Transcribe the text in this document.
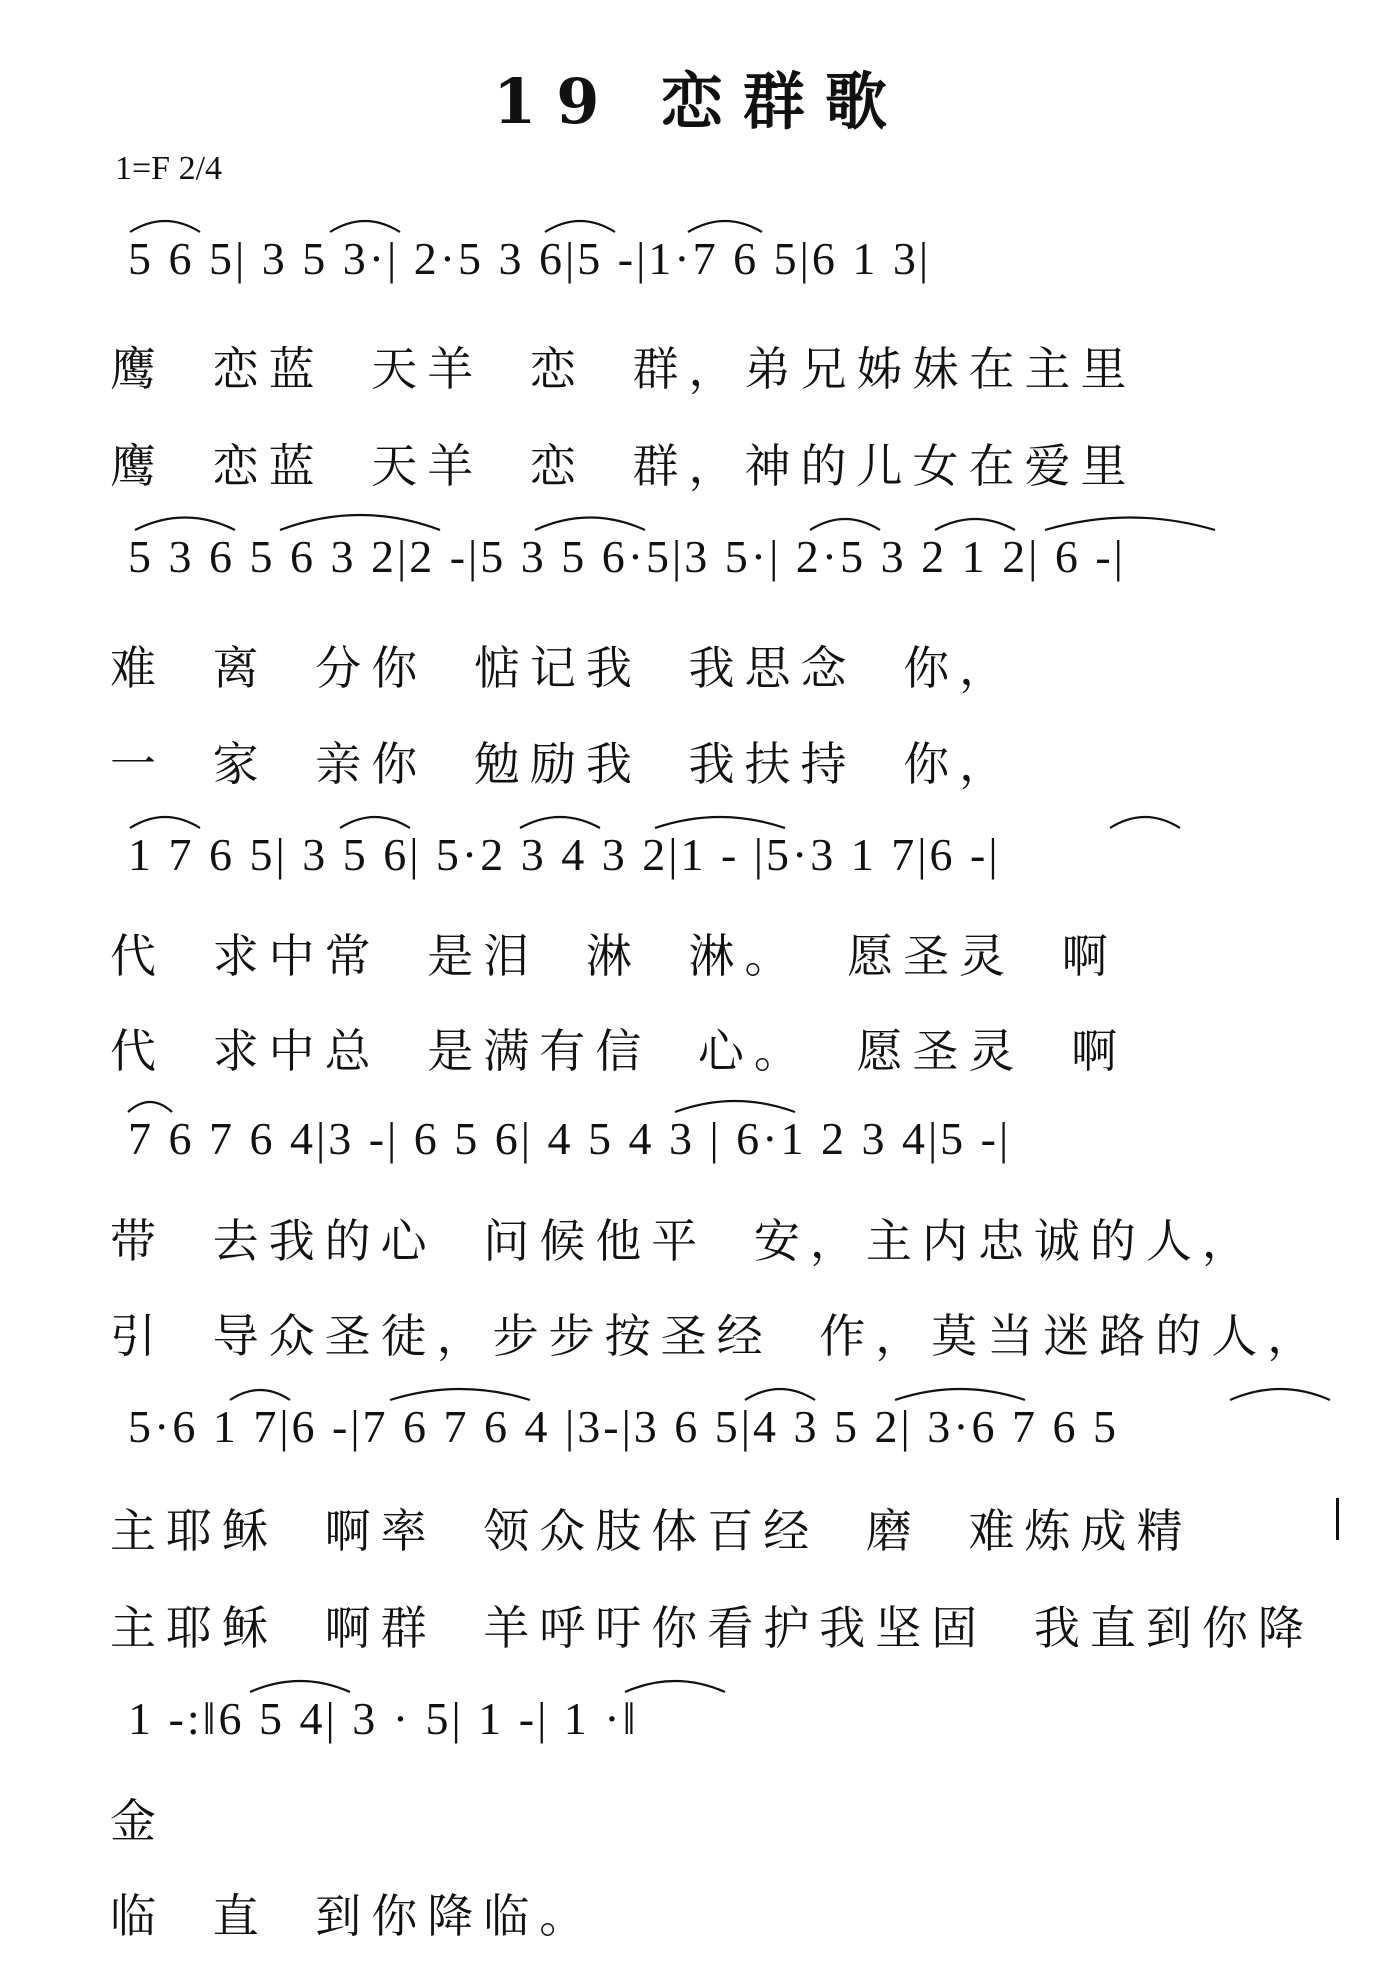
19 恋群歌
1=F 2/4
5 6 5| 3 5 3·| 2·5 3 6|5 -|1·7 6 5|6 1 3|
鹰 恋蓝 天羊 恋 群，弟兄姊妹在主里
鹰 恋蓝 天羊 恋 群，神的儿女在爱里
5 3 6 5 6 3 2|2 -|5 3 5 6·5|3 5·| 2·5 3 2 1 2| 6 -|
难 离 分你 惦记我 我思念 你，
一 家 亲你 勉励我 我扶持 你，
1 7 6 5| 3 5 6| 5·2 3 4 3 2|1 - |5·3 1 7|6 -|
代 求中常 是泪 淋 淋。 愿圣灵 啊
代 求中总 是满有信 心。 愿圣灵 啊
7 6 7 6 4|3 -| 6 5 6| 4 5 4 3 | 6·1 2 3 4|5 -|
带 去我的心 问候他平 安，主内忠诚的人，
引 导众圣徒，步步按圣经 作，莫当迷路的人，
5·6 1 7|6 -|7 6 7 6 4 |3-|3 6 5|4 3 5 2| 3·6 7 6 5
主耶稣 啊率 领众肢体百经 磨 难炼成精
主耶稣 啊群 羊呼吁你看护我坚固 我直到你降
1 -:‖6 5 4| 3 · 5| 1 -| 1 ·‖
金
临 直 到你降临。
